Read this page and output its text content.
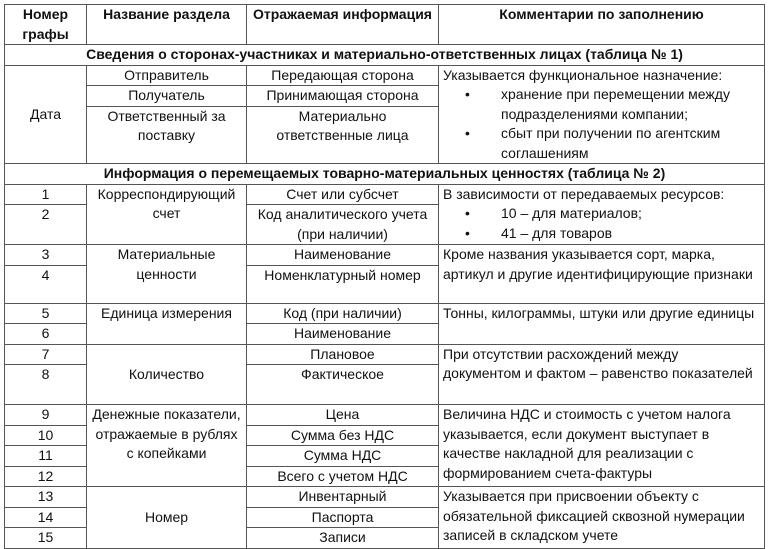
Номер графы	Название раздела	Отражаемая информация	Комментарии по заполнению
Сведения о сторонах-участниках и материально-ответственных лицах (таблица № 1)			
Дата	Отправитель	Передающая сторона	Указывается функциональное назначение:
• хранение при перемещении между подразделениями компании;
• сбыт при получении по агентским соглашениям

	Получатель	Принимающая сторона	
	Ответственный за поставку	Материально ответственные лица	
Информация о перемещаемых товарно-материальных ценностях (таблица № 2)			
1	Корреспондирующий счет	Счет или субсчет	В зависимости от передаваемых ресурсов:
• 10 – для материалов;
• 41 – для товаров

2		Код аналитического учета (при наличии)	
3	Материальные ценности	Наименование	Кроме названия указывается сорт, марка, артикул и другие идентифицирующие признаки
4		Номенклатурный номер	
5	Единица измерения	Код (при наличии)	Тонны, килограммы, штуки или другие единицы
6		Наименование	
7	Количество	Плановое	При отсутствии расхождений между документом и фактом – равенство показателей
8		Фактическое	
9	Денежные показатели, отражаемые в рублях с копейками	Цена	Величина НДС и стоимость с учетом налога указывается, если документ выступает в качестве накладной для реализации с формированием счета-фактуры
10		Сумма без НДС	
11		Сумма НДС	
12		Всего с учетом НДС	
13	Номер	Инвентарный	Указывается при присвоении объекту с обязательной фиксацией сквозной нумерации записей в складском учете
14		Паспорта	
15		Записи	
